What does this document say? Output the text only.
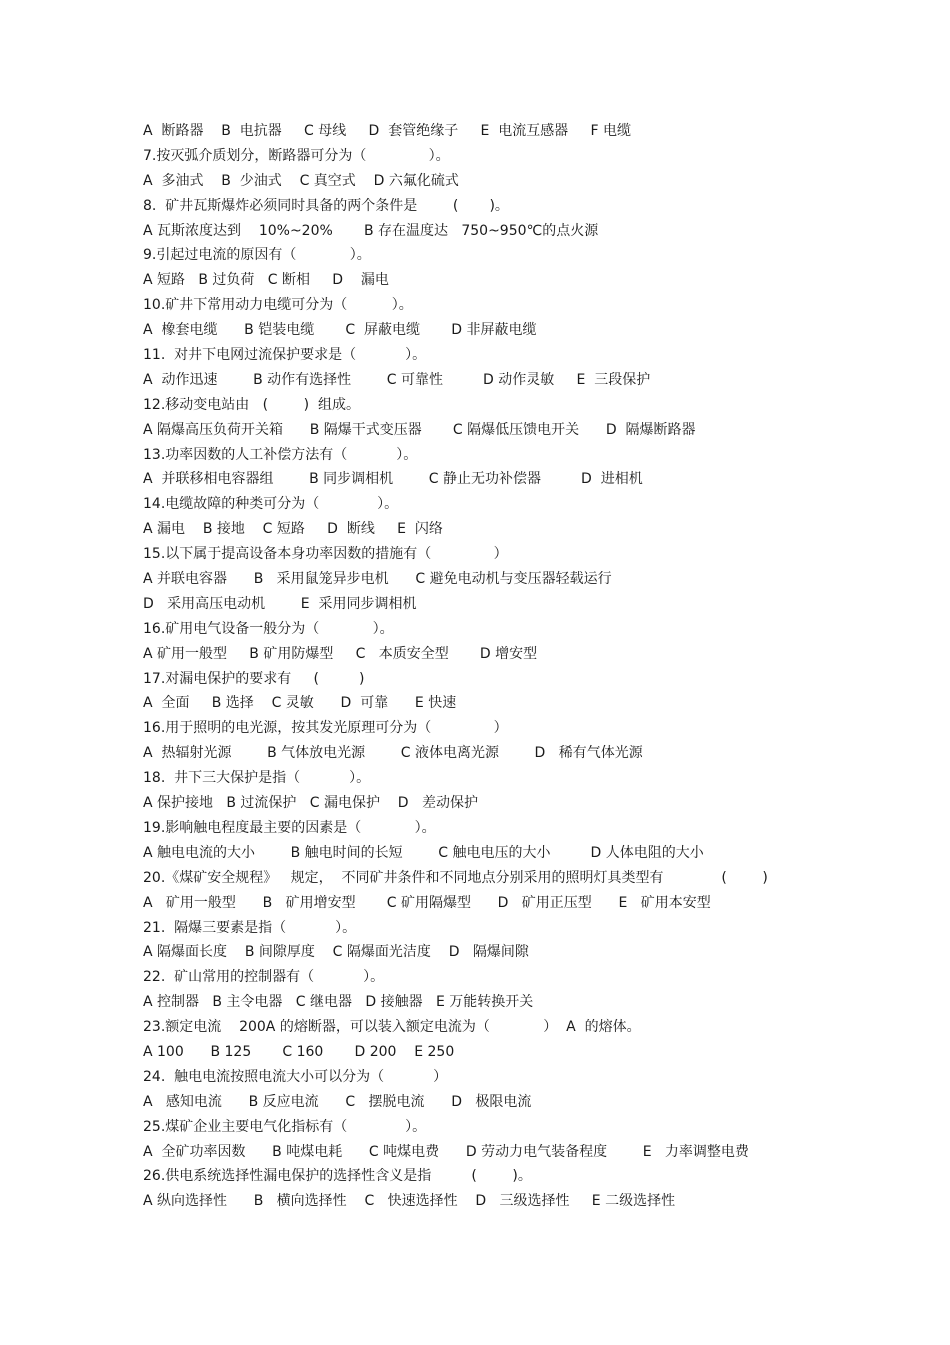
A  断路器    B  电抗器     C 母线     D  套管绝缘子     E  电流互感器     F 电缆
7.按灭弧介质划分，断路器可分为（              ）。
A  多油式    B  少油式    C 真空式    D 六氟化硫式
8.  矿井瓦斯爆炸必须同时具备的两个条件是        (       )。
A 瓦斯浓度达到    10%~20%       B 存在温度达   750~950℃的点火源
9.引起过电流的原因有（            ）。
A 短路   B 过负荷   C 断相     D    漏电
10.矿井下常用动力电缆可分为（          ）。
A  橡套电缆      B 铠装电缆       C  屏蔽电缆       D 非屏蔽电缆
11.  对井下电网过流保护要求是（           ）。
A  动作迅速        B 动作有选择性        C 可靠性         D 动作灵敏     E  三段保护
12.移动变电站由   (        )  组成。
A 隔爆高压负荷开关箱      B 隔爆干式变压器       C 隔爆低压馈电开关      D  隔爆断路器
13.功率因数的人工补偿方法有（           ）。
A  并联移相电容器组        B 同步调相机        C 静止无功补偿器         D  进相机
14.电缆故障的种类可分为（             ）。
A 漏电    B 接地    C 短路     D  断线     E  闪络
15.以下属于提高设备本身功率因数的措施有（              ）
A 并联电容器      B   采用鼠笼异步电机      C 避免电动机与变压器轻载运行
D   采用高压电动机        E  采用同步调相机
16.矿用电气设备一般分为（            ）。
A 矿用一般型     B 矿用防爆型     C   本质安全型       D 增安型
17.对漏电保护的要求有     (         )
A  全面     B 选择    C 灵敏      D  可靠      E 快速
16.用于照明的电光源，按其发光原理可分为（              ）
A  热辐射光源        B 气体放电光源        C 液体电离光源        D   稀有气体光源
18.  井下三大保护是指（           ）。
A 保护接地   B 过流保护   C 漏电保护    D   差动保护
19.影响触电程度最主要的因素是（            ）。
A 触电电流的大小        B 触电时间的长短        C 触电电压的大小         D 人体电阻的大小
20.《煤矿安全规程》   规定，  不同矿井条件和不同地点分别采用的照明灯具类型有             (        )
A   矿用一般型      B   矿用增安型       C 矿用隔爆型      D   矿用正压型      E   矿用本安型
21.  隔爆三要素是指（           ）。
A 隔爆面长度    B 间隙厚度    C 隔爆面光洁度    D   隔爆间隙
22.  矿山常用的控制器有（           ）。
A 控制器   B 主令电器   C 继电器   D 接触器   E 万能转换开关
23.额定电流    200A 的熔断器，可以装入额定电流为（            ）  A  的熔体。
A 100      B 125       C 160       D 200    E 250
24.  触电电流按照电流大小可以分为（           ）
A   感知电流      B 反应电流      C   摆脱电流      D   极限电流
25.煤矿企业主要电气化指标有（             ）。
A  全矿功率因数      B 吨煤电耗      C 吨煤电费      D 劳动力电气装备程度        E   力率调整电费
26.供电系统选择性漏电保护的选择性含义是指         (        )。
A 纵向选择性      B   横向选择性    C   快速选择性    D   三级选择性     E 二级选择性
